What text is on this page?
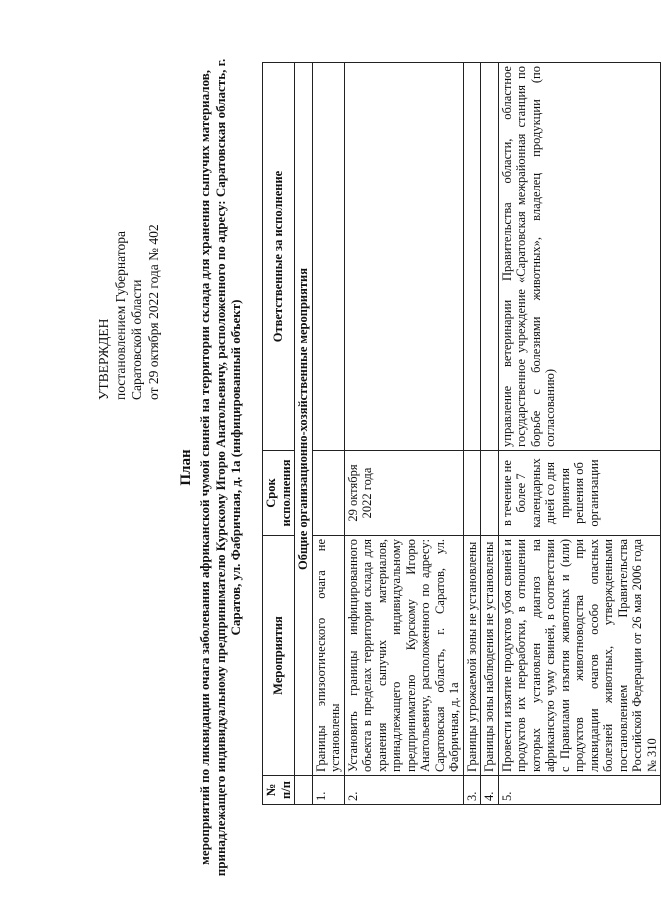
УТВЕРЖДЕН постановлением Губернатора Саратовской области от 29 октября 2022 года № 402
План мероприятий по ликвидации очага заболевания африканской чумой свиней на территории склада для хранения сыпучих материалов, принадлежащего индивидуальному предпринимателю Курскому Игорю Анатольевичу, расположенного по адресу: Саратовская область, г. Саратов, ул. Фабричная, д. 1а (инфицированный объект)
№ п/п	Мероприятия	Срок исполнения	Ответственные за исполнение
	Общие организационно-хозяйственные мероприятия		
1.	Границы эпизоотического очага не установлены		
2.	Установить границы инфицированного объекта в пределах территории склада для хранения сыпучих материалов, принадлежащего индивидуальному предпринимателю Курскому Игорю Анатольевичу, расположенного по адресу: Саратовская область, г. Саратов, ул. Фабричная, д. 1а	29 октября 2022 года	
3.	Границы угрожаемой зоны не установлены		
4.	Границы зоны наблюдения не установлены		
5.	Провести изъятие продуктов убоя свиней и продуктов их переработки, в отношении которых установлен диагноз на африканскую чуму свиней, в соответствии с Правилами изъятия животных и (или) продуктов животноводства при ликвидации очагов особо опасных болезней животных, утвержденными постановлением Правительства Российской Федерации от 26 мая 2006 года № 310	в течение не более 7 календарных дней со дня принятия решения об организации	управление ветеринарии Правительства области, областное государственное учреждение «Саратовская межрайонная станция по борьбе с болезнями животных», владелец продукции (по согласованию)
